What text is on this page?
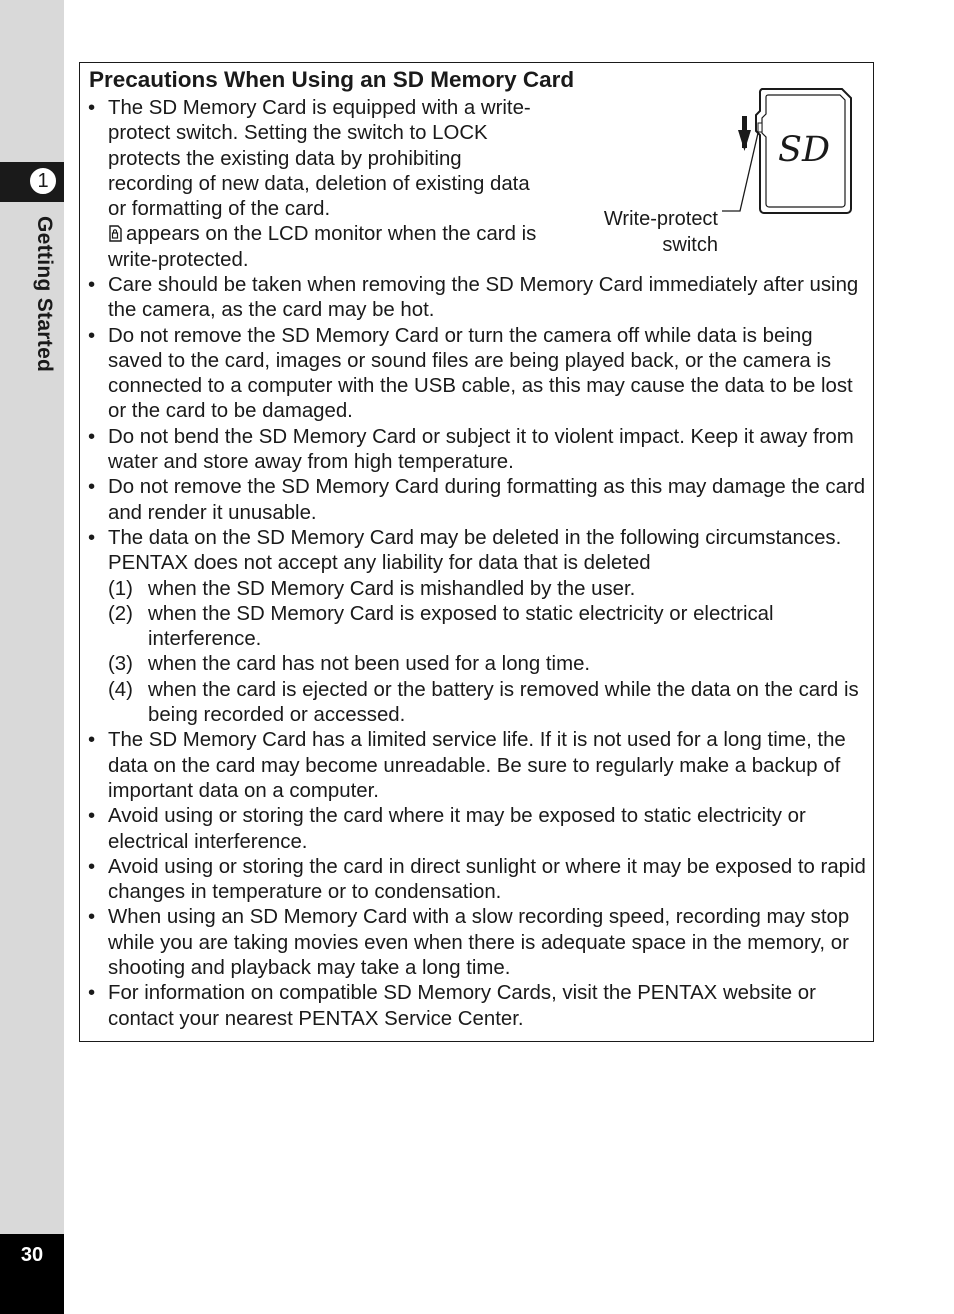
1
Getting Started
30
Precautions When Using an SD Memory Card
• The SD Memory Card is equipped with a write-protect switch. Setting the switch to LOCK protects the existing data by prohibiting recording of new data, deletion of existing data or formatting of the card.
appears on the LCD monitor when the card is write-protected.
SD
Write-protect
switch
• Care should be taken when removing the SD Memory Card immediately after using the camera, as the card may be hot.
• Do not remove the SD Memory Card or turn the camera off while data is being saved to the card, images or sound files are being played back, or the camera is connected to a computer with the USB cable, as this may cause the data to be lost or the card to be damaged.
• Do not bend the SD Memory Card or subject it to violent impact. Keep it away from water and store away from high temperature.
• Do not remove the SD Memory Card during formatting as this may damage the card and render it unusable.
• The data on the SD Memory Card may be deleted in the following circumstances. PENTAX does not accept any liability for data that is deleted
(1) when the SD Memory Card is mishandled by the user.
(2) when the SD Memory Card is exposed to static electricity or electrical interference.
(3) when the card has not been used for a long time.
(4) when the card is ejected or the battery is removed while the data on the card is being recorded or accessed.
• The SD Memory Card has a limited service life. If it is not used for a long time, the data on the card may become unreadable. Be sure to regularly make a backup of important data on a computer.
• Avoid using or storing the card where it may be exposed to static electricity or electrical interference.
• Avoid using or storing the card in direct sunlight or where it may be exposed to rapid changes in temperature or to condensation.
• When using an SD Memory Card with a slow recording speed, recording may stop while you are taking movies even when there is adequate space in the memory, or shooting and playback may take a long time.
• For information on compatible SD Memory Cards, visit the PENTAX website or contact your nearest PENTAX Service Center.
